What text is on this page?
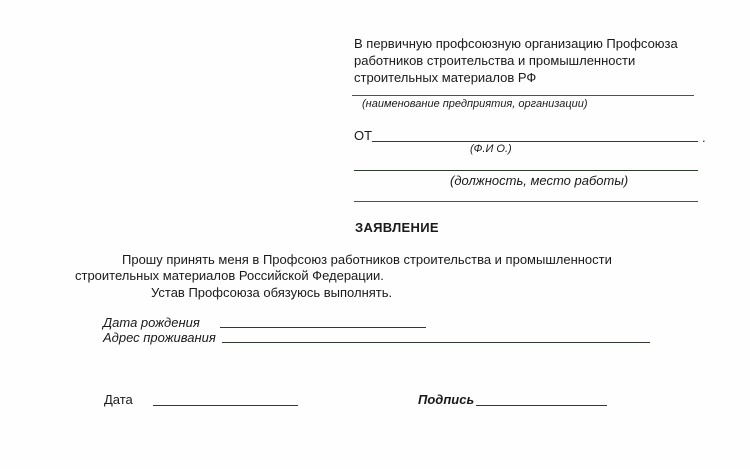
В первичную профсоюзную организацию Профсоюза
работников строительства и промышленности
строительных материалов РФ
(наименование предприятия, организации)
ОТ	.
(Ф.И О.)
(должность, место работы)
ЗАЯВЛЕНИЕ
Прошу принять меня в Профсоюз работников строительства и промышленности
строительных материалов Российской Федерации.
Устав Профсоюза обязуюсь выполнять.
Дата рождения
Адрес проживания
Дата	Подпись
